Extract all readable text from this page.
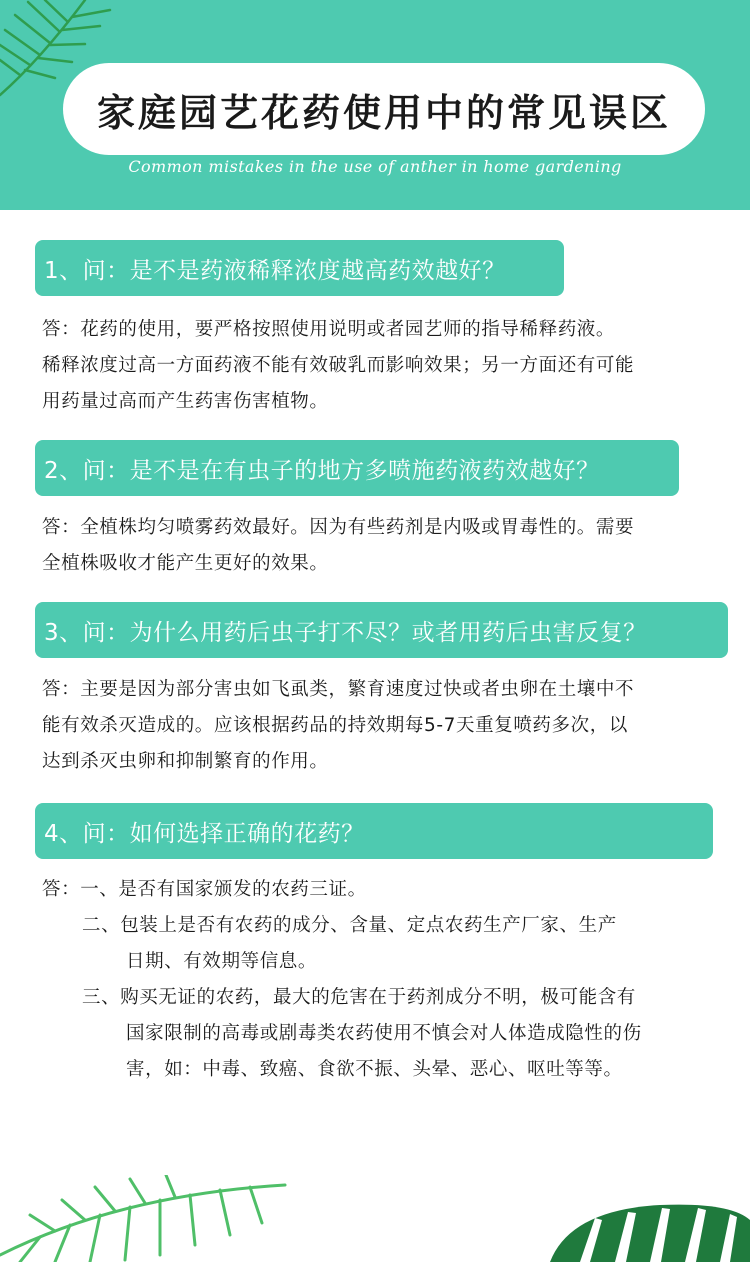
家庭园艺花药使用中的常见误区
Common mistakes in the use of anther in home gardening
1、问：是不是药液稀释浓度越高药效越好？

答：花药的使用，要严格按照使用说明或者园艺师的指导稀释药液。

稀释浓度过高一方面药液不能有效破乳而影响效果；另一方面还有可能

用药量过高而产生药害伤害植物。

2、问：是不是在有虫子的地方多喷施药液药效越好？

答：全植株均匀喷雾药效最好。因为有些药剂是内吸或胃毒性的。需要

全植株吸收才能产生更好的效果。

3、问：为什么用药后虫子打不尽？或者用药后虫害反复？

答：主要是因为部分害虫如飞虱类，繁育速度过快或者虫卵在土壤中不

能有效杀灭造成的。应该根据药品的持效期每5-7天重复喷药多次，以

达到杀灭虫卵和抑制繁育的作用。

4、问：如何选择正确的花药？

答：一、是否有国家颁发的农药三证。

二、包装上是否有农药的成分、含量、定点农药生产厂家、生产

日期、有效期等信息。

三、购买无证的农药，最大的危害在于药剂成分不明，极可能含有

国家限制的高毒或剧毒类农药使用不慎会对人体造成隐性的伤

害，如：中毒、致癌、食欲不振、头晕、恶心、呕吐等等。
